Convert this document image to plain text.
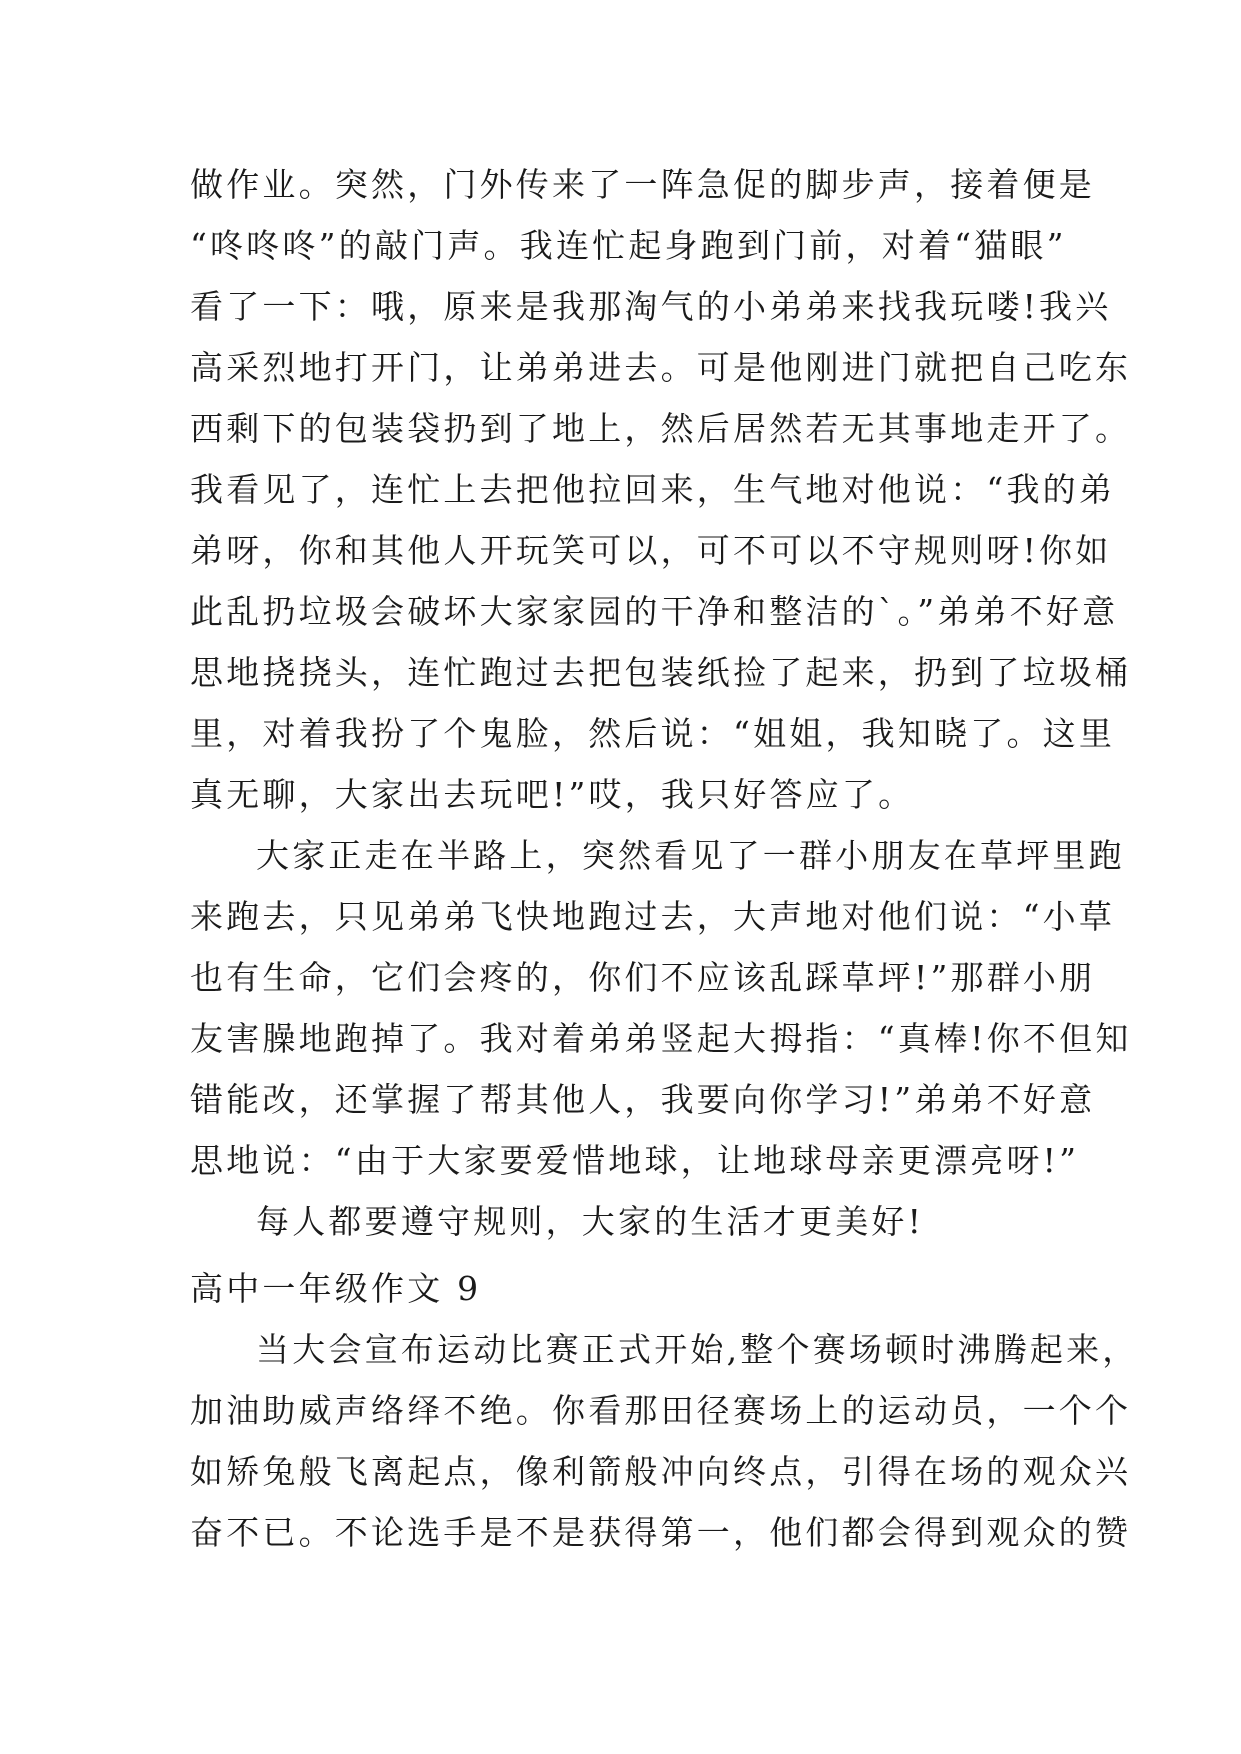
做作业。突然，门外传来了一阵急促的脚步声，接着便是
“咚咚咚”的敲门声。我连忙起身跑到门前，对着“猫眼”
看了一下：哦，原来是我那淘气的小弟弟来找我玩喽!我兴
高采烈地打开门，让弟弟进去。可是他刚进门就把自己吃东
西剩下的包装袋扔到了地上，然后居然若无其事地走开了。
我看见了，连忙上去把他拉回来，生气地对他说：“我的弟
弟呀，你和其他人开玩笑可以，可不可以不守规则呀!你如
此乱扔垃圾会破坏大家家园的干净和整洁的`。”弟弟不好意
思地挠挠头，连忙跑过去把包装纸捡了起来，扔到了垃圾桶
里，对着我扮了个鬼脸，然后说：“姐姐，我知晓了。这里
真无聊，大家出去玩吧!”哎，我只好答应了。
大家正走在半路上，突然看见了一群小朋友在草坪里跑
来跑去，只见弟弟飞快地跑过去，大声地对他们说：“小草
也有生命，它们会疼的，你们不应该乱踩草坪!”那群小朋
友害臊地跑掉了。我对着弟弟竖起大拇指：“真棒!你不但知
错能改，还掌握了帮其他人，我要向你学习!”弟弟不好意
思地说：“由于大家要爱惜地球，让地球母亲更漂亮呀!”
每人都要遵守规则，大家的生活才更美好!
高中一年级作文 9
当大会宣布运动比赛正式开始,整个赛场顿时沸腾起来，
加油助威声络绎不绝。你看那田径赛场上的运动员，一个个
如矫兔般飞离起点，像利箭般冲向终点，引得在场的观众兴
奋不已。不论选手是不是获得第一，他们都会得到观众的赞
